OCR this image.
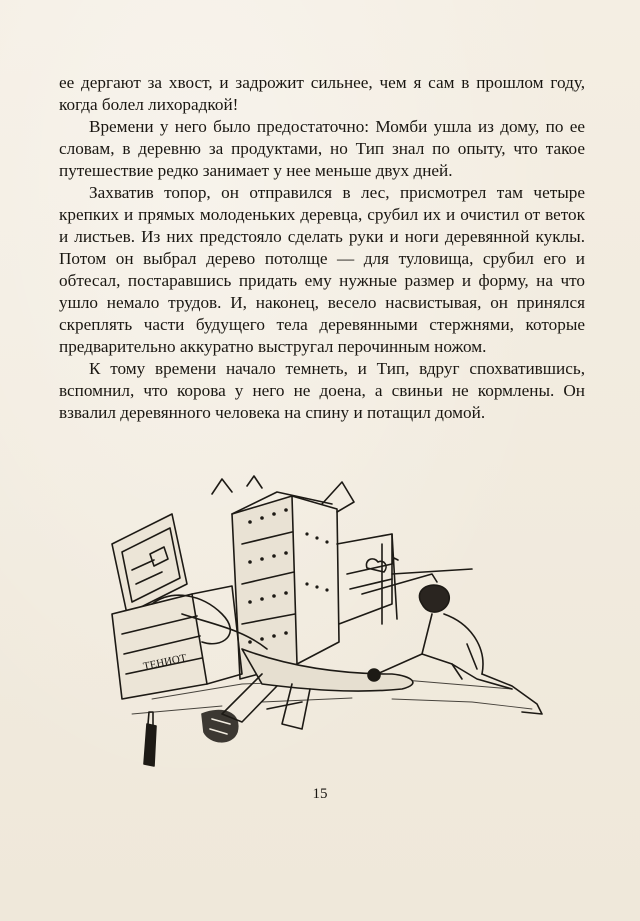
ее дергают за хвост, и задрожит сильнее, чем я сам в прошлом году, когда болел лихорадкой!

Времени у него было предостаточно: Момби ушла из дому, по ее словам, в деревню за продуктами, но Тип знал по опыту, что такое путешествие редко занимает у нее меньше двух дней.

Захватив топор, он отправился в лес, присмотрел там четыре крепких и прямых молоденьких деревца, срубил их и очистил от веток и листьев. Из них предстояло сделать руки и ноги деревянной куклы. Потом он выбрал дерево потолще — для туловища, срубил его и обтесал, постаравшись придать ему нужные размер и форму, на что ушло немало трудов. И, наконец, весело насвистывая, он принялся скреплять части будущего тела деревянными стержнями, которые предварительно аккуратно выстругал перочинным ножом.

К тому времени начало темнеть, и Тип, вдруг спохватившись, вспомнил, что корова у него не доена, а свиньи не кормлены. Он взвалил деревянного человека на спину и потащил домой.

ТЕНИОТ
15
